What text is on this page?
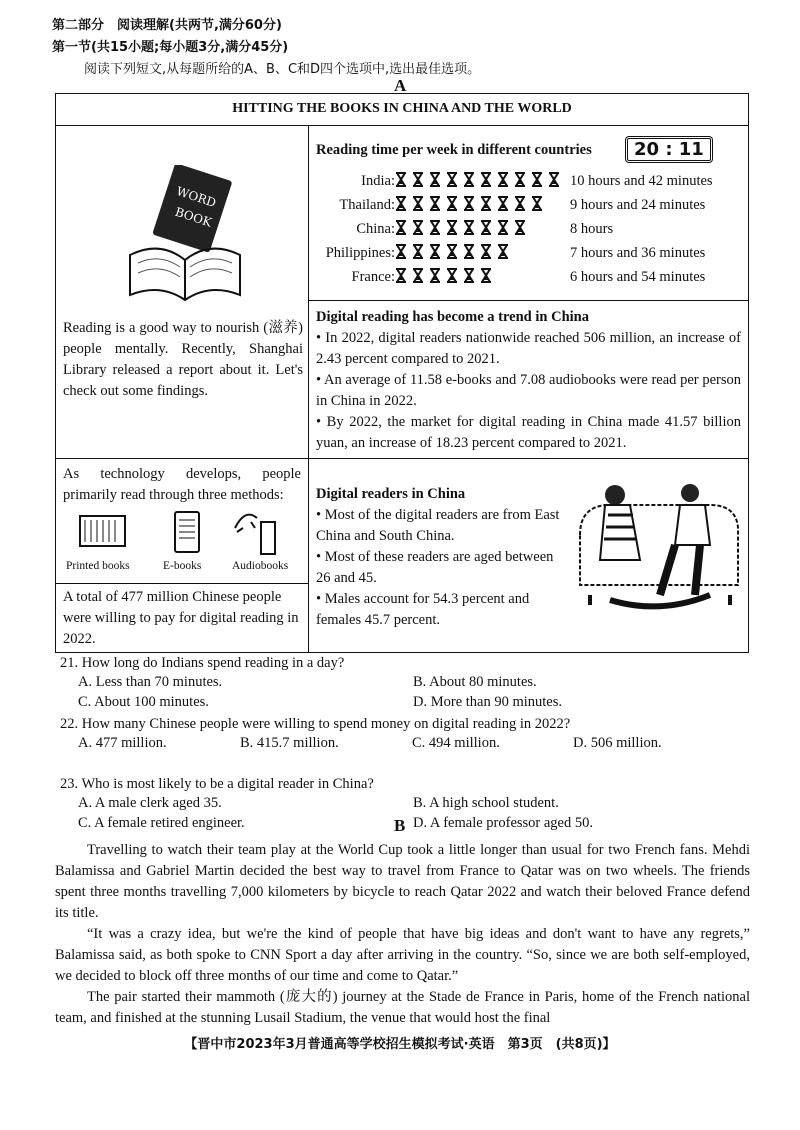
第二部分　阅读理解(共两节,满分60分)
第一节(共15小题;每小题3分,满分45分)
阅读下列短文,从每题所给的A、B、C和D四个选项中,选出最佳选项。
A
HITTING THE BOOKS IN CHINA AND THE WORLD
WORD
BOOK
Reading is a good way to nourish (滋养) people mentally. Recently, Shanghai Library released a report about it. Let's check out some findings.
Reading time per week in different countries	20 : 11
India:	10 hours and 42 minutes
Thailand:	9 hours and 24 minutes
China:	8 hours
Philippines:	7 hours and 36 minutes
France:	6 hours and 54 minutes
Digital reading has become a trend in China
• In 2022, digital readers nationwide reached 506 million, an increase of 2.43 percent compared to 2021.
• An average of 11.58 e-books and 7.08 audiobooks were read per person in China in 2022.
• By 2022, the market for digital reading in China made 41.57 billion yuan, an increase of 18.23 percent compared to 2021.
As technology develops, people primarily read through three methods:
Printed books	E-books	Audiobooks
A total of 477 million Chinese people were willing to pay for digital reading in 2022.
Digital readers in China
• Most of the digital readers are from East China and South China.
• Most of these readers are aged between 26 and 45.
• Males account for 54.3 percent and females 45.7 percent.
21. How long do Indians spend reading in a day?
A. Less than 70 minutes.	B. About 80 minutes.
C. About 100 minutes.	D. More than 90 minutes.
22. How many Chinese people were willing to spend money on digital reading in 2022?
A. 477 million.	B. 415.7 million.	C. 494 million.	D. 506 million.
23. Who is most likely to be a digital reader in China?
A. A male clerk aged 35.	B. A high school student.
C. A female retired engineer.	D. A female professor aged 50.
B

Travelling to watch their team play at the World Cup took a little longer than usual for two French fans. Mehdi Balamissa and Gabriel Martin decided the best way to travel from France to Qatar was on two wheels. The friends spent three months travelling 7,000 kilometers by bicycle to reach Qatar 2022 and watch their beloved France defend its title.

“It was a crazy idea, but we're the kind of people that have big ideas and don't want to have any regrets,” Balamissa said, as both spoke to CNN Sport a day after arriving in the country. “So, since we are both self-employed, we decided to block off three months of our time and come to Qatar.”

The pair started their mammoth (庞大的) journey at the Stade de France in Paris, home of the French national team, and finished at the stunning Lusail Stadium, the venue that would host the final

【晋中市2023年3月普通高等学校招生模拟考试·英语　第3页　(共8页)】
